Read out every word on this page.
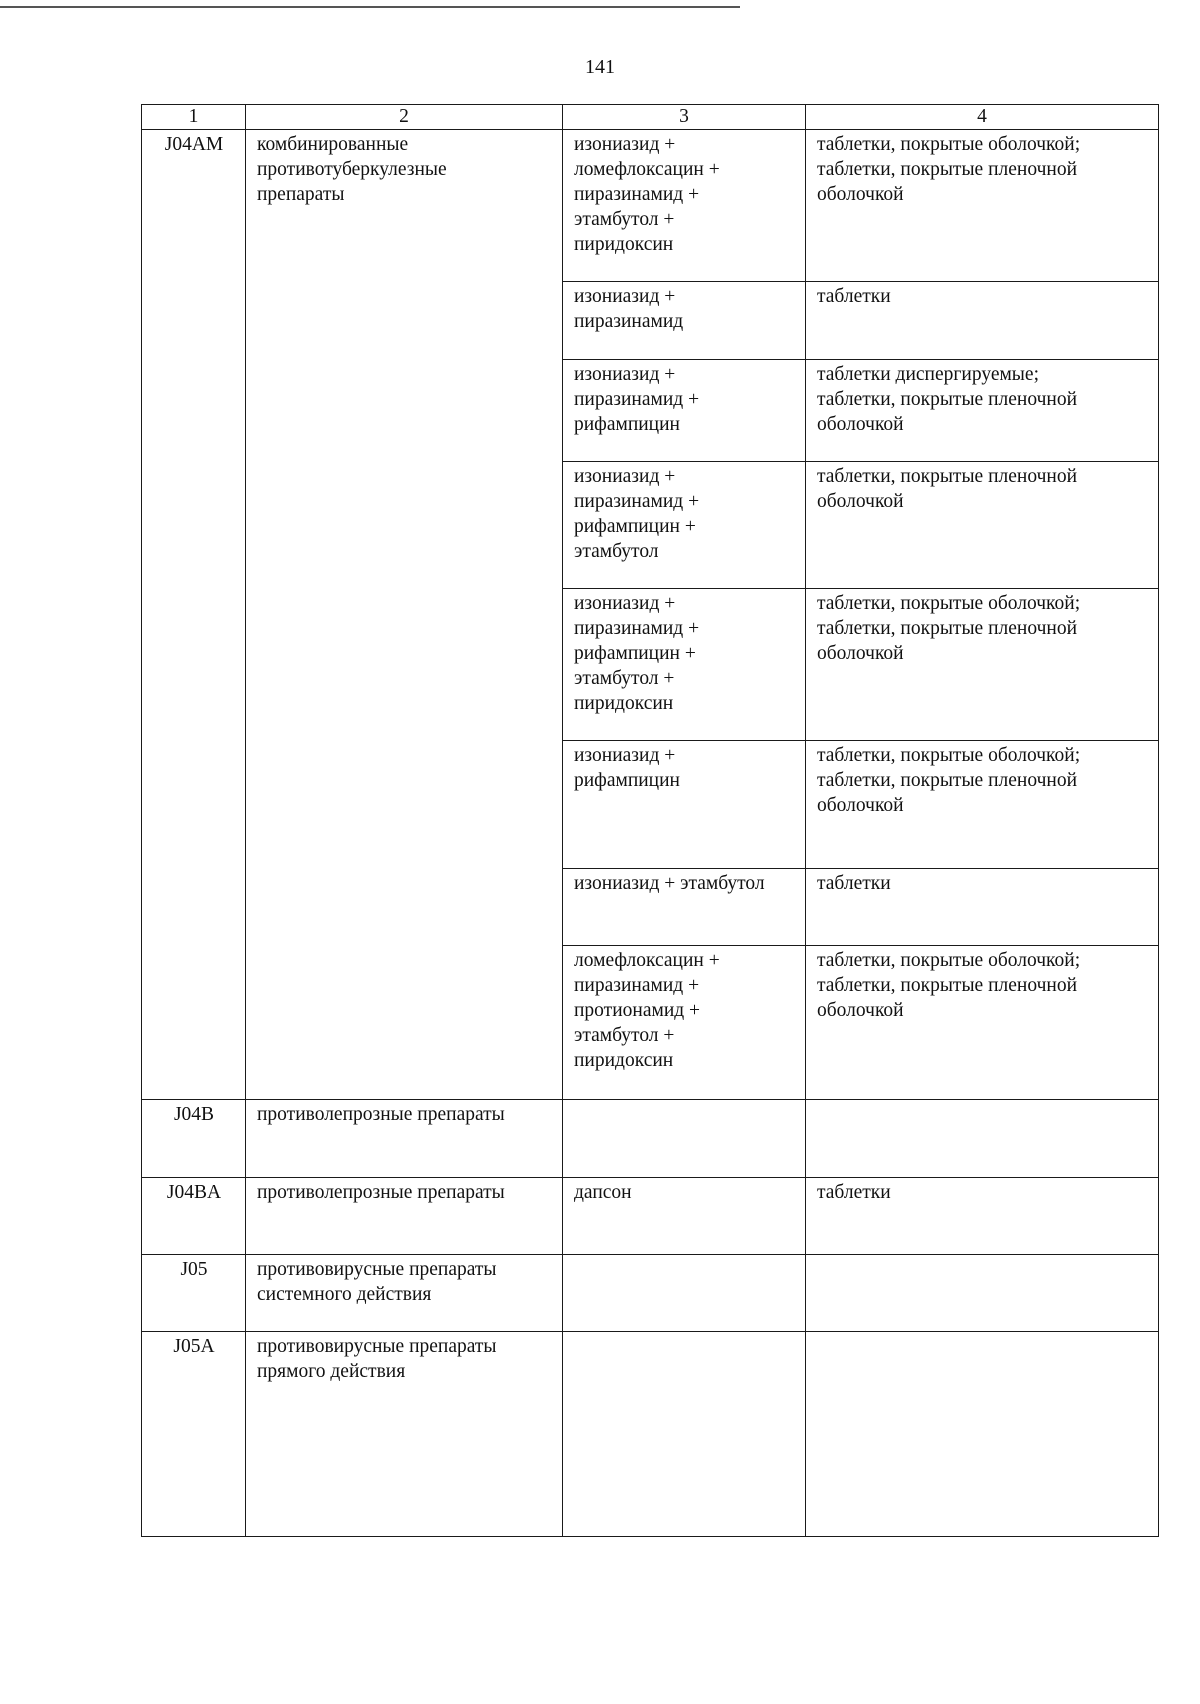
141
1	2	3	4
J04AM	комбинированные
противотуберкулезные
препараты	изониазид +
ломефлоксацин +
пиразинамид +
этамбутол +
пиридоксин	таблетки, покрытые оболочкой;
таблетки, покрытые пленочной
оболочкой
		изониазид +
пиразинамид	таблетки
		изониазид +
пиразинамид +
рифампицин	таблетки диспергируемые;
таблетки, покрытые пленочной
оболочкой
		изониазид +
пиразинамид +
рифампицин +
этамбутол	таблетки, покрытые пленочной
оболочкой
		изониазид +
пиразинамид +
рифампицин +
этамбутол +
пиридоксин	таблетки, покрытые оболочкой;
таблетки, покрытые пленочной
оболочкой
		изониазид +
рифампицин	таблетки, покрытые оболочкой;
таблетки, покрытые пленочной
оболочкой
		изониазид + этамбутол	таблетки
		ломефлоксацин +
пиразинамид +
протионамид +
этамбутол +
пиридоксин	таблетки, покрытые оболочкой;
таблетки, покрытые пленочной
оболочкой
J04B	противолепрозные препараты		
J04BA	противолепрозные препараты	дапсон	таблетки
J05	противовирусные препараты
системного действия		
J05A	противовирусные препараты
прямого действия		
